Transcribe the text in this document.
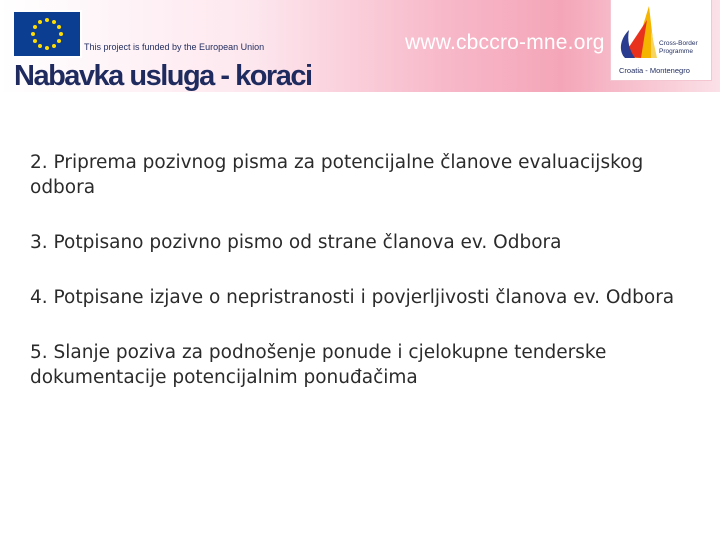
This project is funded by the European Union	www.cbccro-mne.org	Cross-Border
Programme
Croatia - Montenegro
Nabavka usluga - koraci
2. Priprema pozivnog pisma za potencijalne članove evaluacijskog odbora
3. Potpisano pozivno pismo od strane članova ev. Odbora
4. Potpisane izjave o nepristranosti i povjerljivosti članova ev. Odbora
5. Slanje poziva za podnošenje ponude i cjelokupne tenderske dokumentacije potencijalnim ponuđačima
